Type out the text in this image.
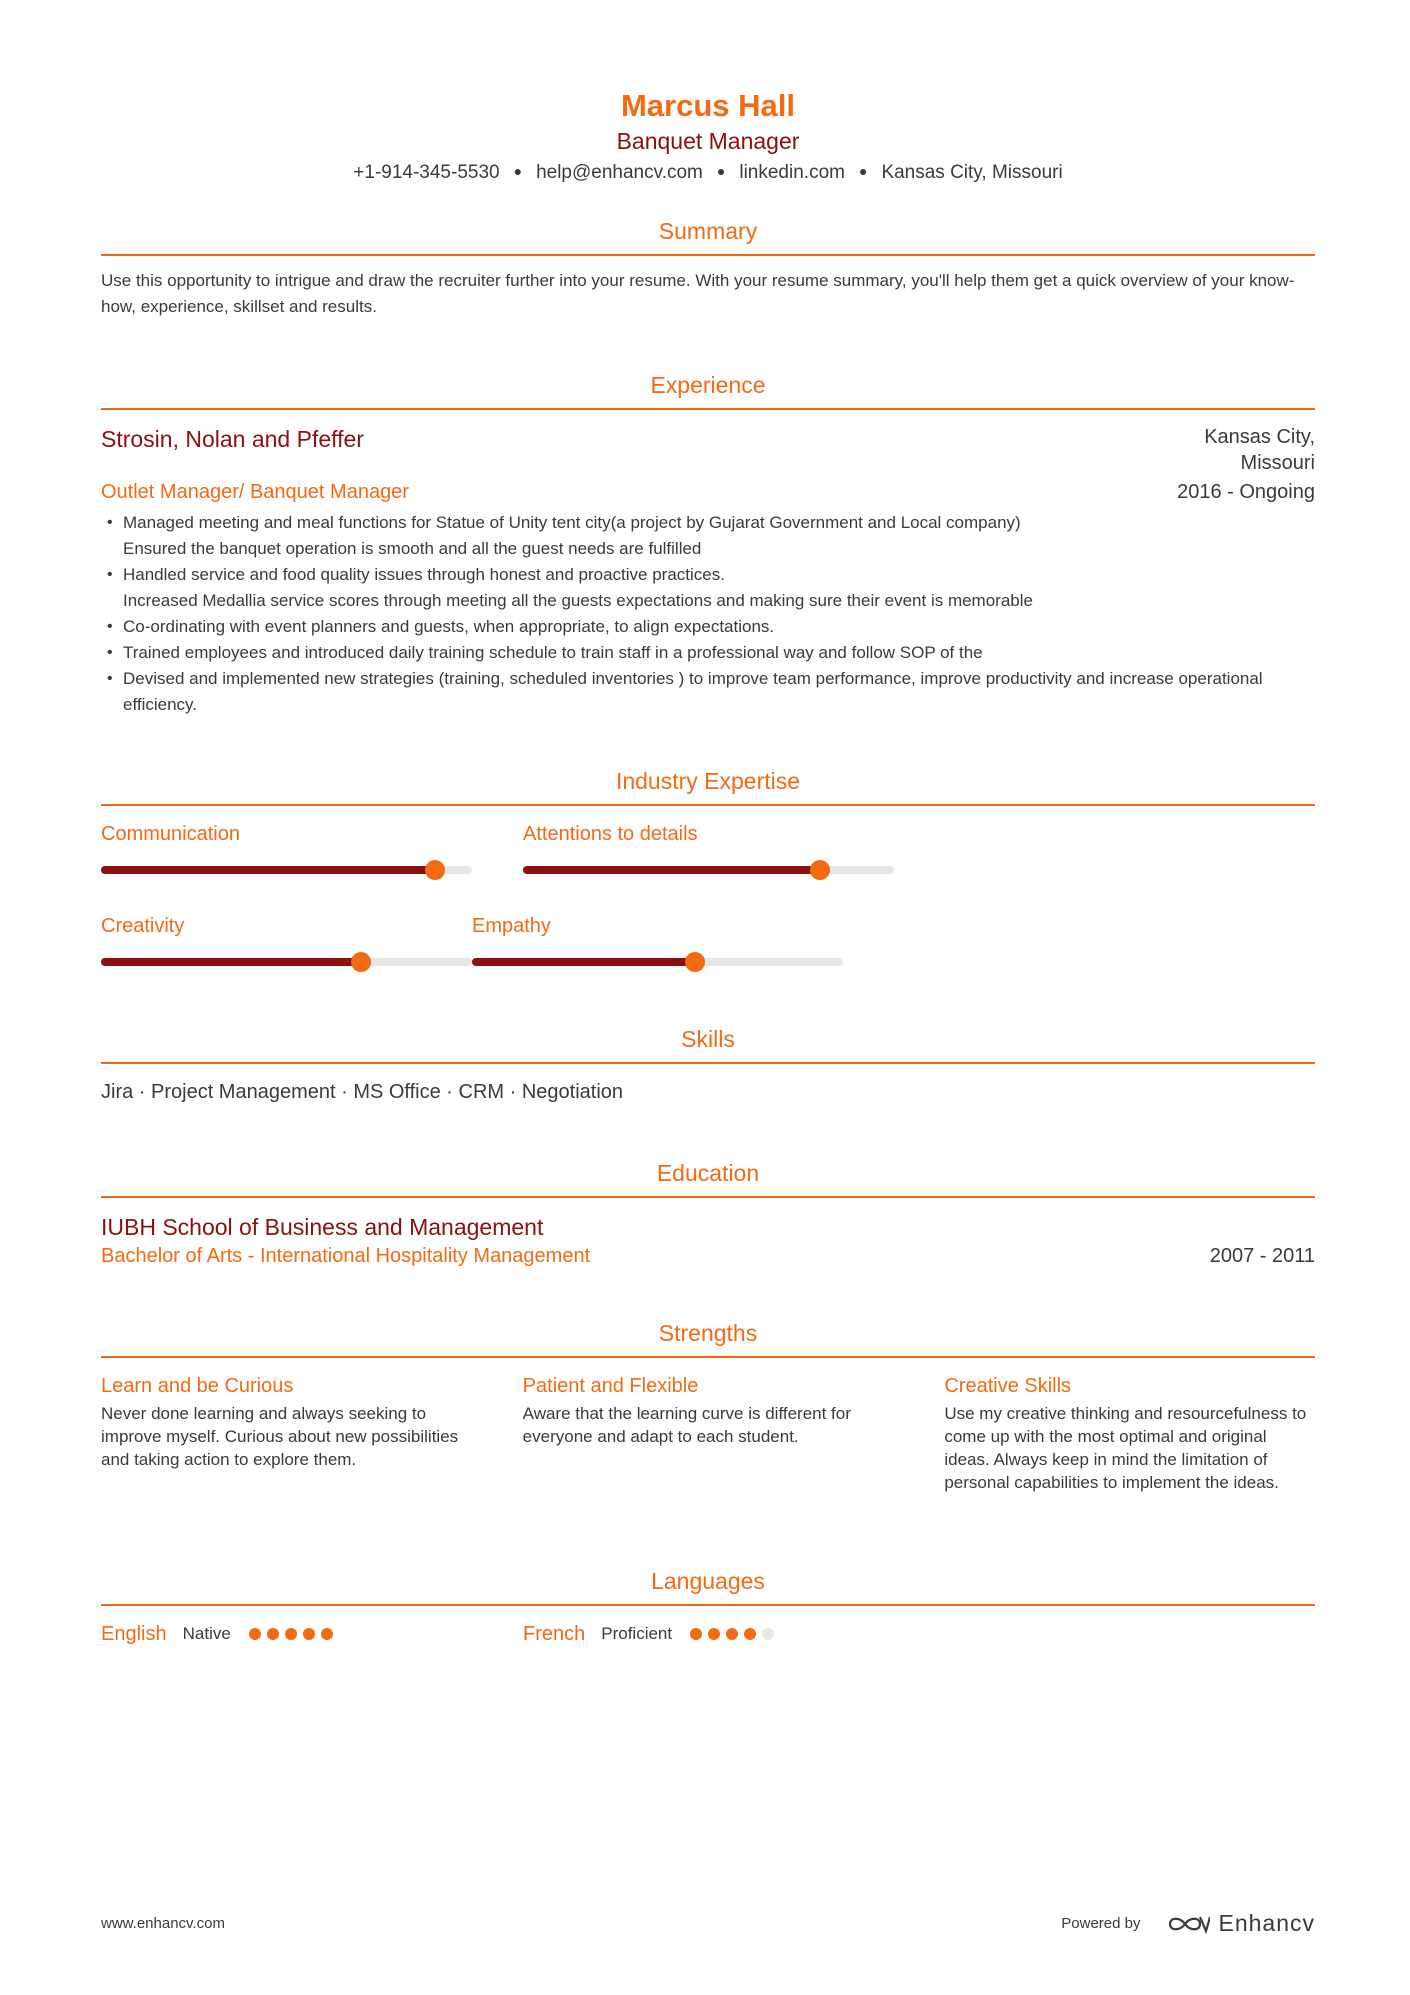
Marcus Hall
Banquet Manager
+1-914-345-5530 ● help@enhancv.com ● linkedin.com ● Kansas City, Missouri
Summary
Use this opportunity to intrigue and draw the recruiter further into your resume. With your resume summary, you'll help them get a quick overview of your know-how, experience, skillset and results.
Experience
Strosin, Nolan and Pfeffer	Kansas City,
Missouri
Outlet Manager/ Banquet Manager	2016 - Ongoing
• Managed meeting and meal functions for Statue of Unity tent city(a project by Gujarat Government and Local company)
Ensured the banquet operation is smooth and all the guest needs are fulfilled
• Handled service and food quality issues through honest and proactive practices.
Increased Medallia service scores through meeting all the guests expectations and making sure their event is memorable
• Co-ordinating with event planners and guests, when appropriate, to align expectations.
• Trained employees and introduced daily training schedule to train staff in a professional way and follow SOP of the
• Devised and implemented new strategies (training, scheduled inventories ) to improve team performance, improve productivity and increase operational efficiency.
Industry Expertise
Communication	Attentions to details
Creativity	Empathy
Skills
Jira · Project Management · MS Office · CRM · Negotiation
Education
IUBH School of Business and Management
Bachelor of Arts - International Hospitality Management	2007 - 2011
Strengths
Learn and be Curious
Never done learning and always seeking to improve myself. Curious about new possibilities and taking action to explore them.
Patient and Flexible
Aware that the learning curve is different for everyone and adapt to each student.
Creative Skills
Use my creative thinking and resourcefulness to come up with the most optimal and original ideas. Always keep in mind the limitation of personal capabilities to implement the ideas.
Languages
English Native	French Proficient
www.enhancv.com	Powered by	Enhancv
